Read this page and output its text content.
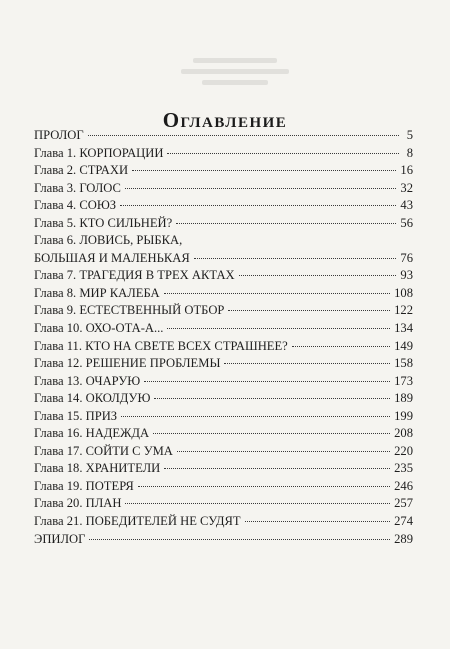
Оглавление
ПРОЛОГ	5
Глава 1. КОРПОРАЦИИ	8
Глава 2. СТРАХИ	16
Глава 3. ГОЛОС	32
Глава 4. СОЮЗ	43
Глава 5. КТО СИЛЬНЕЙ?	56
Глава 6. ЛОВИСЬ, РЫБКА,
БОЛЬШАЯ И МАЛЕНЬКАЯ	76
Глава 7. ТРАГЕДИЯ В ТРЕХ АКТАХ	93
Глава 8. МИР КАЛЕБА	108
Глава 9. ЕСТЕСТВЕННЫЙ ОТБОР	122
Глава 10. ОХО-ОТА-А...	134
Глава 11. КТО НА СВЕТЕ ВСЕХ СТРАШНЕЕ?	149
Глава 12. РЕШЕНИЕ ПРОБЛЕМЫ	158
Глава 13. ОЧАРУЮ	173
Глава 14. ОКОЛДУЮ	189
Глава 15. ПРИЗ	199
Глава 16. НАДЕЖДА	208
Глава 17. СОЙТИ С УМА	220
Глава 18. ХРАНИТЕЛИ	235
Глава 19. ПОТЕРЯ	246
Глава 20. ПЛАН	257
Глава 21. ПОБЕДИТЕЛЕЙ НЕ СУДЯТ	274
ЭПИЛОГ	289
